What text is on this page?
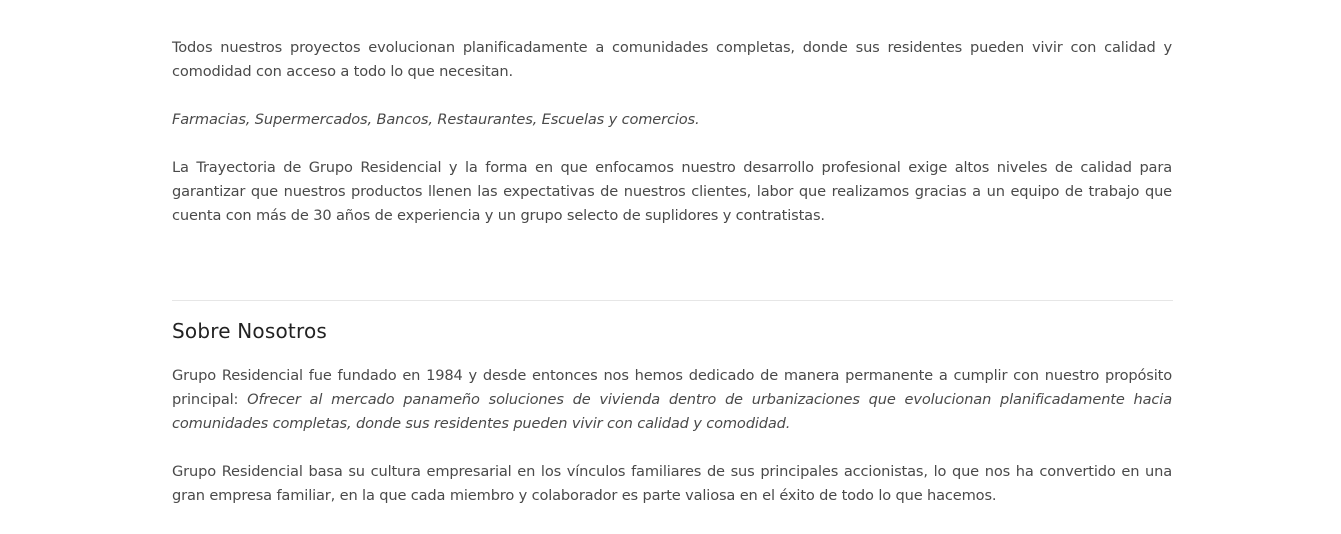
Todos nuestros proyectos evolucionan planificadamente a comunidades completas, donde sus residentes pueden vivir con calidad y comodidad con acceso a todo lo que necesitan.

Farmacias, Supermercados, Bancos, Restaurantes, Escuelas y comercios.

La Trayectoria de Grupo Residencial y la forma en que enfocamos nuestro desarrollo profesional exige altos niveles de calidad para garantizar que nuestros productos llenen las expectativas de nuestros clientes, labor que realizamos gracias a un equipo de trabajo que cuenta con más de 30 años de experiencia y un grupo selecto de suplidores y contratistas.

Sobre Nosotros

Grupo Residencial fue fundado en 1984 y desde entonces nos hemos dedicado de manera permanente a cumplir con nuestro propósito principal: Ofrecer al mercado panameño soluciones de vivienda dentro de urbanizaciones que evolucionan planificadamente hacia comunidades completas, donde sus residentes pueden vivir con calidad y comodidad.

Grupo Residencial basa su cultura empresarial en los vínculos familiares de sus principales accionistas, lo que nos ha convertido en una gran empresa familiar, en la que cada miembro y colaborador es parte valiosa en el éxito de todo lo que hacemos.
